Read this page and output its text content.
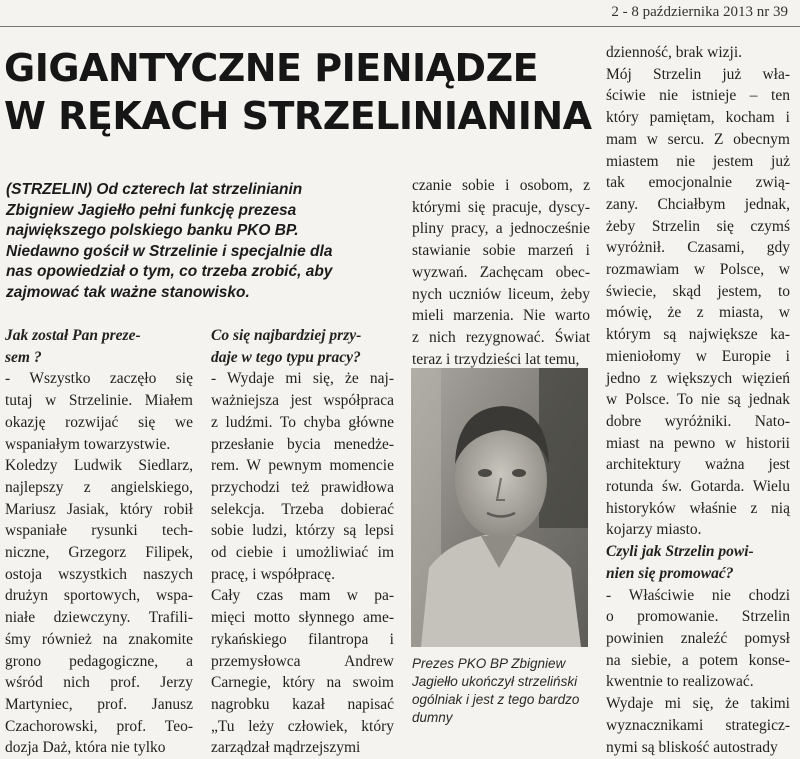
2 - 8 października 2013 nr 39
GIGANTYCZNE PIENIĄDZE
W RĘKACH STRZELINIANINA
(STRZELIN) Od czterech lat strzelinianin
Zbigniew Jagiełło pełni funkcję prezesa
największego polskiego banku PKO BP.
Niedawno gościł w Strzelinie i specjalnie dla
nas opowiedział o tym, co trzeba zrobić, aby
zajmować tak ważne stanowisko.
Jak został Pan preze-
sem ?
- Wszystko zaczęło się
tutaj w Strzelinie. Miałem
okazję rozwijać się we
wspaniałym towarzystwie.
Koledzy Ludwik Siedlarz,
najlepszy z angielskiego,
Mariusz Jasiak, który robił
wspaniałe rysunki tech-
niczne, Grzegorz Filipek,
ostoja wszystkich naszych
drużyn sportowych, wspa-
niałe dziewczyny. Trafili-
śmy również na znakomite
grono pedagogiczne, a
wśród nich prof. Jerzy
Martyniec, prof. Janusz
Czachorowski, prof. Teo-
dozja Daż, która nie tylko
Co się najbardziej przy-
daje w tego typu pracy?
- Wydaje mi się, że naj-
ważniejsza jest współpraca
z ludźmi. To chyba główne
przesłanie bycia menedże-
rem. W pewnym momencie
przychodzi też prawidłowa
selekcja. Trzeba dobierać
sobie ludzi, którzy są lepsi
od ciebie i umożliwiać im
pracę, i współpracę.
Cały czas mam w pa-
mięci motto słynnego ame-
rykańskiego filantropa i
przemysłowca Andrew
Carnegie, który na swoim
nagrobku kazał napisać
„Tu leży człowiek, który
zarządzał mądrzejszymi
czanie sobie i osobom, z
którymi się pracuje, dyscy-
pliny pracy, a jednocześnie
stawianie sobie marzeń i
wyzwań. Zachęcam obec-
nych uczniów liceum, żeby
mieli marzenia. Nie warto
z nich rezygnować. Świat
teraz i trzydzieści lat temu,
dzienność, brak wizji.
Mój Strzelin już wła-
ściwie nie istnieje – ten
który pamiętam, kocham i
mam w sercu. Z obecnym
miastem nie jestem już
tak emocjonalnie zwią-
zany. Chciałbym jednak,
żeby Strzelin się czymś
wyróżnił. Czasami, gdy
rozmawiam w Polsce, w
świecie, skąd jestem, to
mówię, że z miasta, w
którym są największe ka-
mieniołomy w Europie i
jedno z większych więzień
w Polsce. To nie są jednak
dobre wyróżniki. Nato-
miast na pewno w historii
architektury ważna jest
rotunda św. Gotarda. Wielu
historyków właśnie z nią
kojarzy miasto.
Czyli jak Strzelin powi-
nien się promować?
- Właściwie nie chodzi
o promowanie. Strzelin
powinien znaleźć pomysł
na siebie, a potem konse-
kwentnie to realizować.
Wydaje mi się, że takimi
wyznacznikami strategicz-
nymi są bliskość autostrady
Prezes PKO BP Zbigniew
Jagiełło ukończył strzeliński
ogólniak i jest z tego bardzo
dumny
